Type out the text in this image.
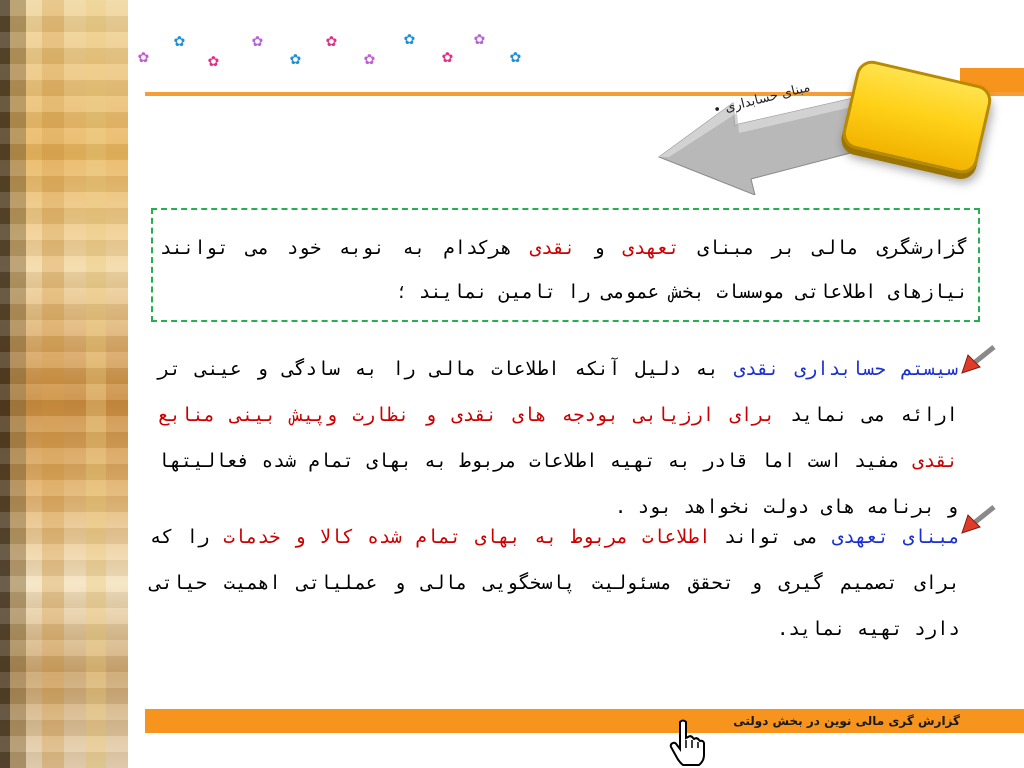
✿
✿
✿
✿
✿
✿
✿
✿
✿
✿
✿
• مبنای حسابداری
گزارشگری مالی بر مبنای تعهدی و نقدی هرکدام به نوبه خود می توانند نیازهای اطلاعاتی موسسات بخش عمومی را تامین نمایند ؛
سیستم حسابداری نقدی به دلیل آنکه اطلاعات مالی را به سادگی و عینی تر ارائه می نماید برای ارزیابی بودجه های نقدی و نظارت وپیش بینی منابع نقدی مفید است اما قادر به تهیه اطلاعات مربوط به بهای تمام شده فعالیتها و برنامه های دولت نخواهد بود .
مبنای تعهدی می تواند اطلاعات مربوط به بهای تمام شده کالا و خدمات را که برای تصمیم گیری و تحقق مسئولیت پاسخگویی مالی و عملیاتی اهمیت حیاتی دارد تهیه نماید.
گزارش گری مالی نوین در بخش دولتی
